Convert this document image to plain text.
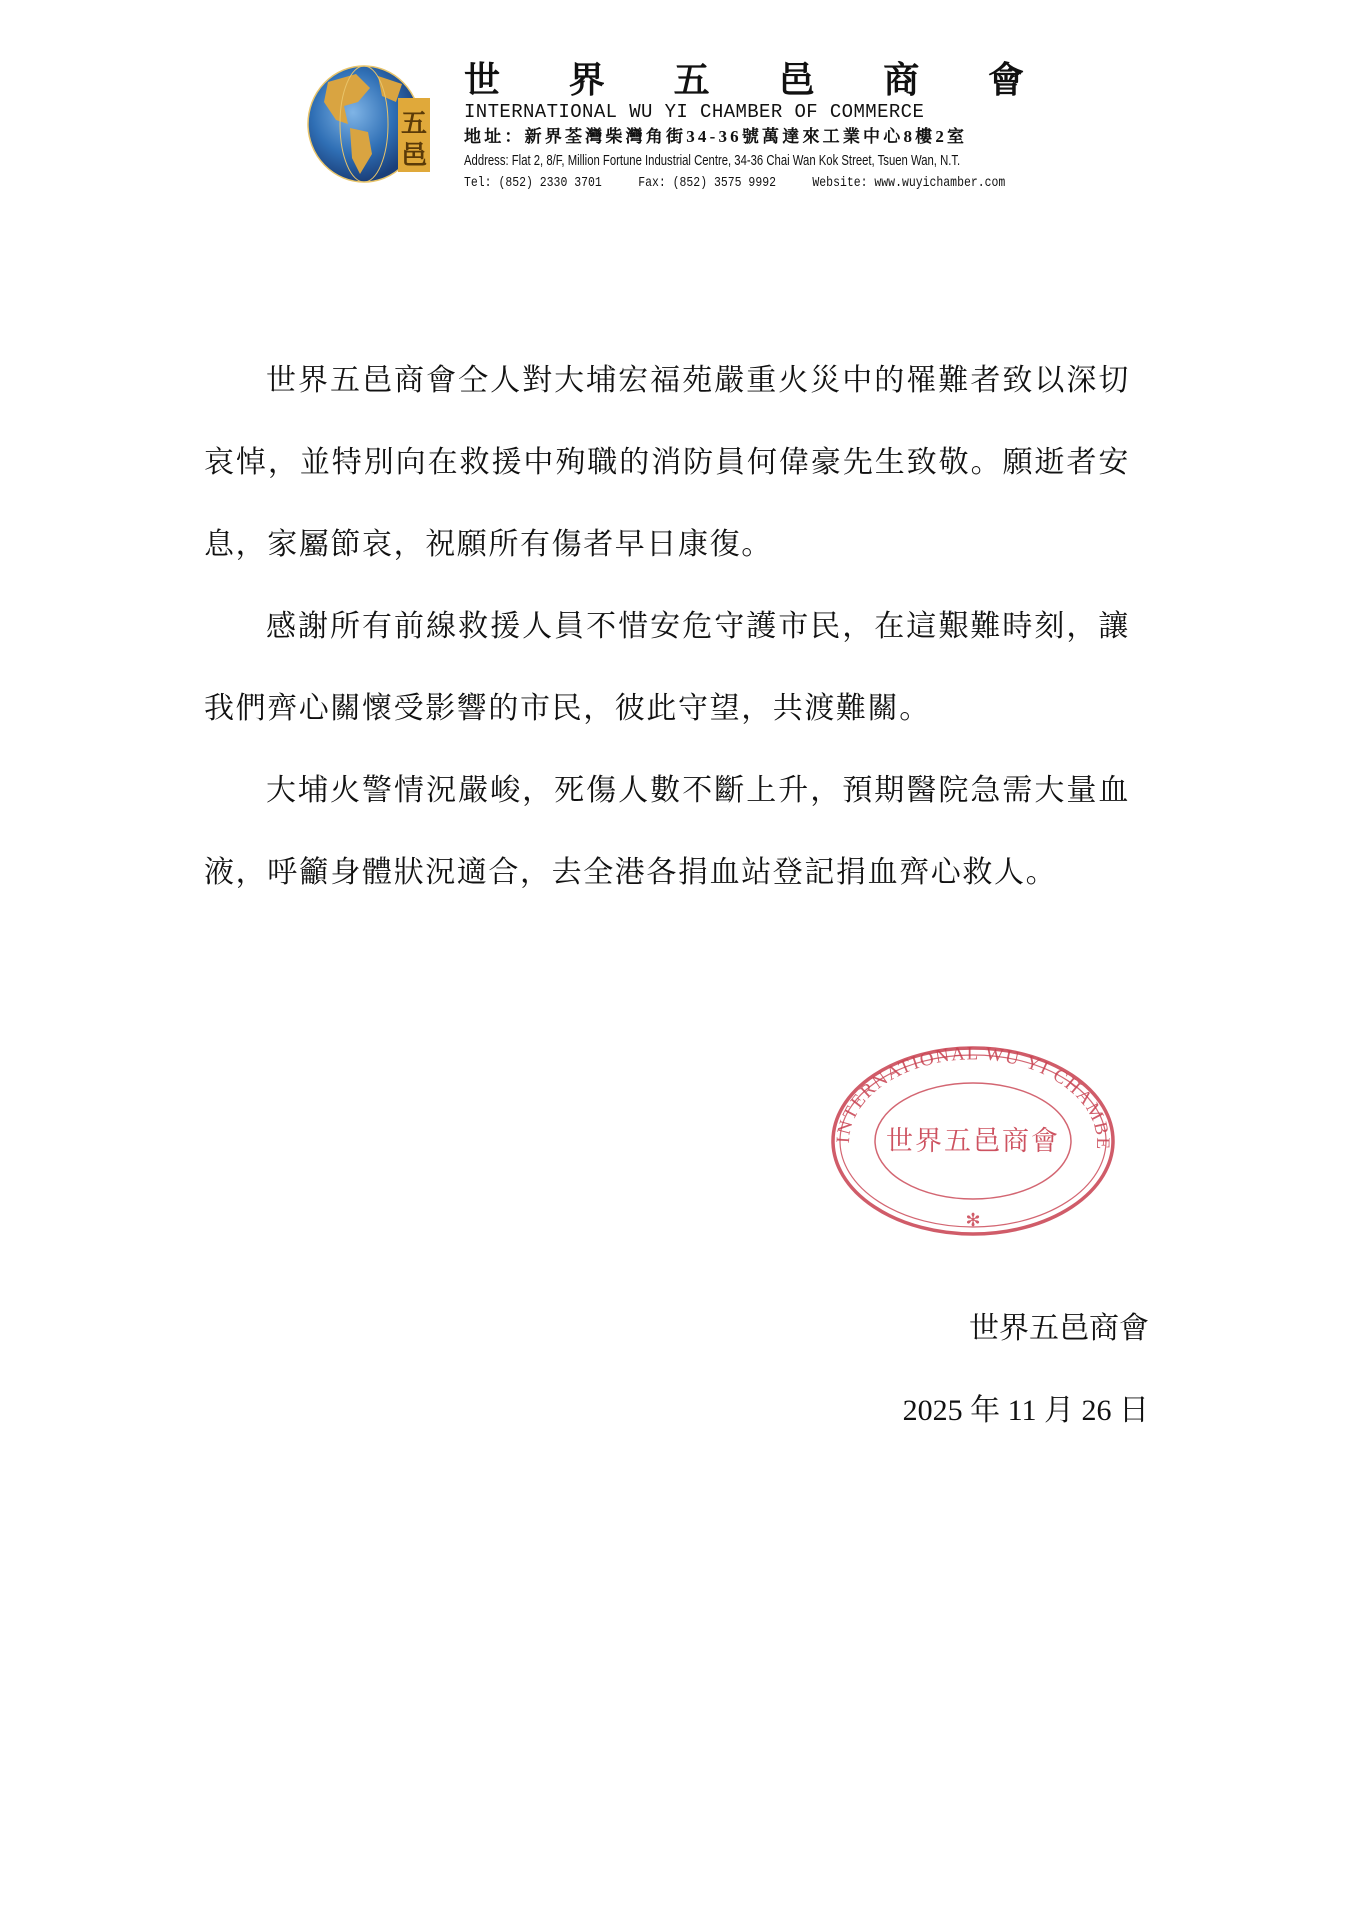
五
邑
世 界 五 邑 商 會
INTERNATIONAL WU YI CHAMBER OF COMMERCE
地址：新界荃灣柴灣角街34-36號萬達來工業中心8樓2室
Address: Flat 2, 8/F, Million Fortune Industrial Centre, 34-36 Chai Wan Kok Street, Tsuen Wan, N.T.
Tel: (852) 2330 3701	Fax: (852) 3575 9992	Website: www.wuyichamber.com

世界五邑商會仝人對大埔宏福苑嚴重火災中的罹難者致以深切哀悼，並特別向在救援中殉職的消防員何偉豪先生致敬。願逝者安息，家屬節哀，祝願所有傷者早日康復。

感謝所有前線救援人員不惜安危守護市民，在這艱難時刻，讓我們齊心關懷受影響的市民，彼此守望，共渡難關。

大埔火警情況嚴峻，死傷人數不斷上升，預期醫院急需大量血液，呼籲身體狀況適合，去全港各捐血站登記捐血齊心救人。

INTERNATIONAL WU YI CHAMBE
世界五邑商會
✻
世界五邑商會
2025 年 11 月 26 日
